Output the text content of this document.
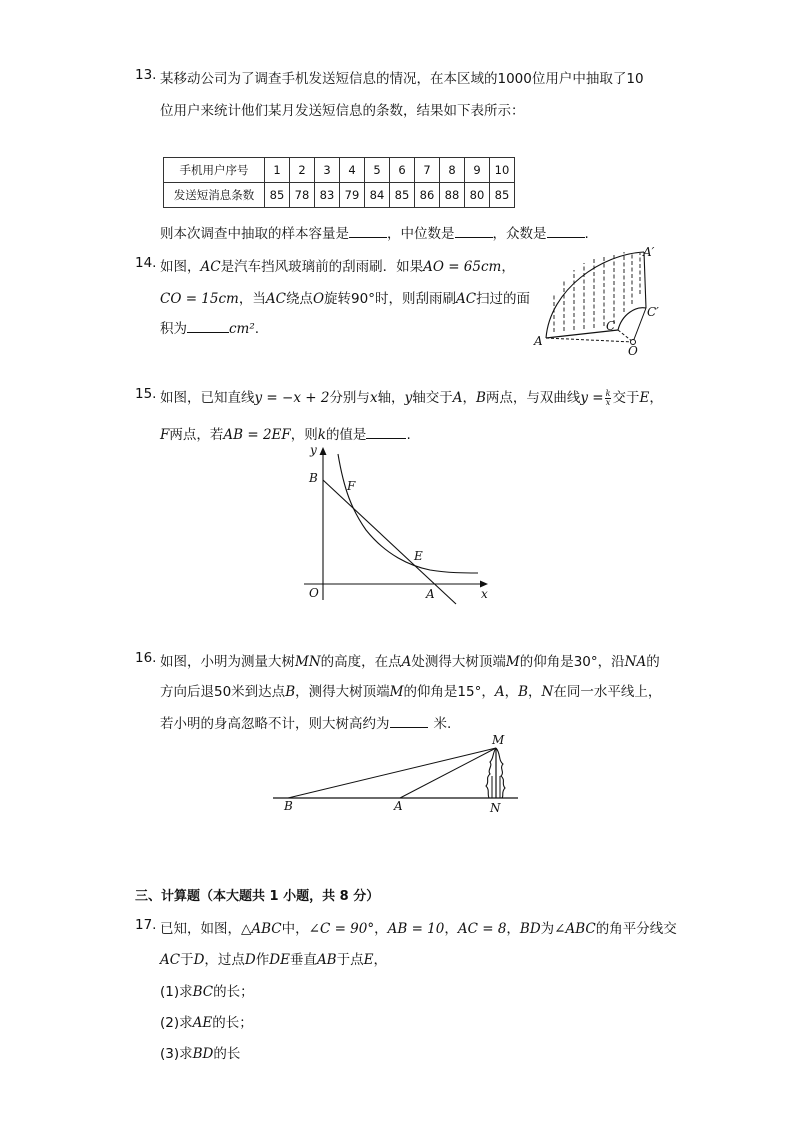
13. 某移动公司为了调查手机发送短信息的情况，在本区域的1000位用户中抽取了10
位用户来统计他们某月发送短信息的条数，结果如下表所示：
手机用户序号	1	2	3	4	5	6	7	8	9	10
发送短消息条数	85	78	83	79	84	85	86	88	80	85
则本次调查中抽取的样本容量是	，中位数是	，众数是	.
14. 如图，AC是汽车挡风玻璃前的刮雨刷．如果AO = 65cm，
CO = 15cm，当AC绕点O旋转90°时，则刮雨刷AC扫过的面
积为	cm².
A
A′
C
C′
O
15. 如图，已知直线y = −x + 2分别与x轴，y轴交于A，B两点，与双曲线$y = \frac{k}{x}$ 交于E，
F两点，若AB = 2EF，则k的值是	.
y
x
O	A
B
E
F
16. 如图，小明为测量大树MN的高度，在点A处测得大树顶端M的仰角是30°，沿NA的
方向后退50米到达点B，测得大树顶端M的仰角是15°，A，B，N在同一水平线上，
若小明的身高忽略不计，则大树高约为	米.
M
B	A	N
三、计算题（本大题共 1 小题，共 8 分）
17. 已知，如图，△ABC中，∠C = 90°，AB = 10，AC = 8，BD为∠ABC的角平分线交
AC于D，过点D作DE垂直AB于点E，
(1)求BC的长；
(2)求AE的长；
(3)求BD的长
